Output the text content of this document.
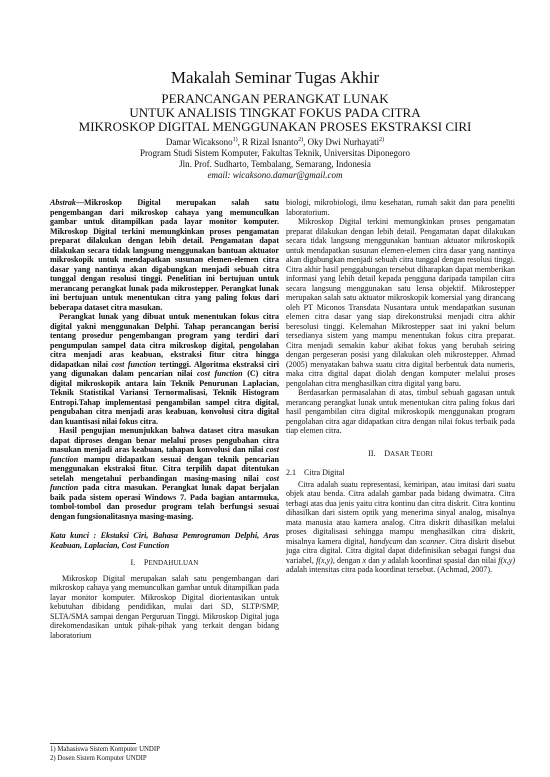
Makalah Seminar Tugas Akhir
PERANCANGAN PERANGKAT LUNAK
UNTUK ANALISIS TINGKAT FOKUS PADA CITRA
MIKROSKOP DIGITAL MENGGUNAKAN PROSES EKSTRAKSI CIRI
Damar Wicaksono$^{1)}$, R Rizal Isnanto$^{2)}$, Oky Dwi Nurhayati$^{2)}$
Program Studi Sistem Komputer, Fakultas Teknik, Universitas Diponegoro
Jln. Prof. Sudharto, Tembalang, Semarang, Indonesia
email: wicaksono.damar@gmail.com

Abstrak—Mikroskop Digital merupakan salah satu pengembangan dari mikroskop cahaya yang memunculkan gambar untuk ditampilkan pada layar monitor komputer. Mikroskop Digital terkini memungkinkan proses pengamatan preparat dilakukan dengan lebih detail. Pengamatan dapat dilakukan secara tidak langsung menggunakan bantuan aktuator mikroskopik untuk mendapatkan susunan elemen-elemen citra dasar yang nantinya akan digabungkan menjadi sebuah citra tunggal dengan resolusi tinggi. Penelitian ini bertujuan untuk merancang perangkat lunak pada mikrostepper. Perangkat lunak ini bertujuan untuk menentukan citra yang paling fokus dari beberapa dataset citra masukan.

Perangkat lunak yang dibuat untuk menentukan fokus citra digital yakni menggunakan Delphi. Tahap perancangan berisi tentang prosedur pengembangan program yang terdiri dari pengumpulan sampel data citra mikroskop digital, pengolahan citra menjadi aras keabuan, ekstraksi fitur citra hingga didapatkan nilai cost function tertinggi. Algoritma ekstraksi ciri yang digunakan dalam pencarian nilai cost function (C) citra digital mikroskopik antara lain Teknik Penurunan Laplacian, Teknik Statistikal Variansi Ternormalisasi, Teknik Histogram Entropi.Tahap implementasi pengambilan sampel citra digital, pengubahan citra menjadi aras keabuan, konvolusi citra digital dan kuantisasi nilai fokus citra.

Hasil pengujian menunjukkan bahwa dataset citra masukan dapat diproses dengan benar melalui proses pengubahan citra masukan menjadi aras keabuan, tahapan konvolusi dan nilai cost function mampu didapatkan sesuai dengan teknik pencarian menggunakan ekstraksi fitur. Citra terpilih dapat ditentukan setelah mengetahui perbandingan masing-masing nilai cost function pada citra masukan. Perangkat lunak dapat berjalan baik pada sistem operasi Windows 7. Pada bagian antarmuka, tombol-tombol dan prosedur program telah berfungsi sesuai dengan fungsionalitasnya masing-masing.

Kata kunci : Ekstaksi Ciri, Bahasa Pemrograman Delphi, Aras Keabuan, Laplacian, Cost Function
I. PENDAHULUAN

Mikroskop Digital merupakan salah satu pengembangan dari mikroskop cahaya yang memunculkan gambar untuk ditampilkan pada layar monitor komputer. Mikroskop Digital diorientasikan untuk kebutuhan dibidang pendidikan, mulai dari SD, SLTP/SMP, SLTA/SMA sampai dengan Perguruan Tinggi. Mikroskop Digital juga direkomendasikan untuk pihak-pihak yang terkait dengan bidang laboratorium

biologi, mikrobiologi, ilmu kesehatan, rumah sakit dan para peneliti laboratorium.

Mikroskop Digital terkini memungkinkan proses pengamatan preparat dilakukan dengan lebih detail. Pengamatan dapat dilakukan secara tidak langsung menggunakan bantuan aktuator mikroskopik untuk mendapatkan susunan elemen-elemen citra dasar yang nantinya akan digabungkan menjadi sebuah citra tunggal dengan resolusi tinggi. Citra akhir hasil penggabungan tersebut diharapkan dapat memberikan informasi yang lebih detail kepada pengguna daripada tampilan citra secara langsung menggunakan satu lensa objektif. Mikrostepper merupakan salah satu aktuator mikroskopik komersial yang dirancang oleh PT Miconos Transdata Nusantara untuk mendapatkan susunan elemen citra dasar yang siap direkonstruksi menjadi citra akhir beresolusi tinggi. Kelemahan Mikrostepper saat ini yakni belum tersedianya sistem yang mampu menentukan fokus citra preparat. Citra menjadi semakin kabur akibat fokus yang berubah seiring dengan pergeseran posisi yang dilakukan oleh mikrostepper. Ahmad (2005) menyatakan bahwa suatu citra digital berbentuk data numeris, maka citra digital dapat diolah dengan komputer melalui proses pengolahan citra menghasilkan citra digital yang baru.

Berdasarkan permasalahan di atas, timbul sebuah gagasan untuk merancang perangkat lunak untuk menentukan citra paling fokus dari hasil pengambilan citra digital mikroskopik menggunakan program pengolahan citra agar didapatkan citra dengan nilai fokus terbaik pada tiap elemen citra.

II. DASAR TEORI
2.1 Citra Digital

Citra adalah suatu representasi, kemiripan, atau imitasi dari suatu objek atau benda. Citra adalah gambar pada bidang dwimatra. Citra terbagi atas dua jenis yaitu citra kontinu dan citra diskrit. Citra kontinu dihasilkan dari sistem optik yang menerima sinyal analog, misalnya mata manusia atau kamera analog. Citra diskrit dihasilkan melalui proses digitalisasi sehingga mampu menghasilkan citra diskrit, misalnya kamera digital, handycam dan scanner. Citra diskrit disebut juga citra digital. Citra digital dapat didefinisikan sebagai fungsi dua variabel, f(x,y), dengan x dan y adalah koordinat spasial dan nilai f(x,y) adalah intensitas citra pada koordinat tersebut. (Achmad, 2007).

1) Mahasiswa Sistem Komputer UNDIP
2) Dosen Sistem Komputer UNDIP
